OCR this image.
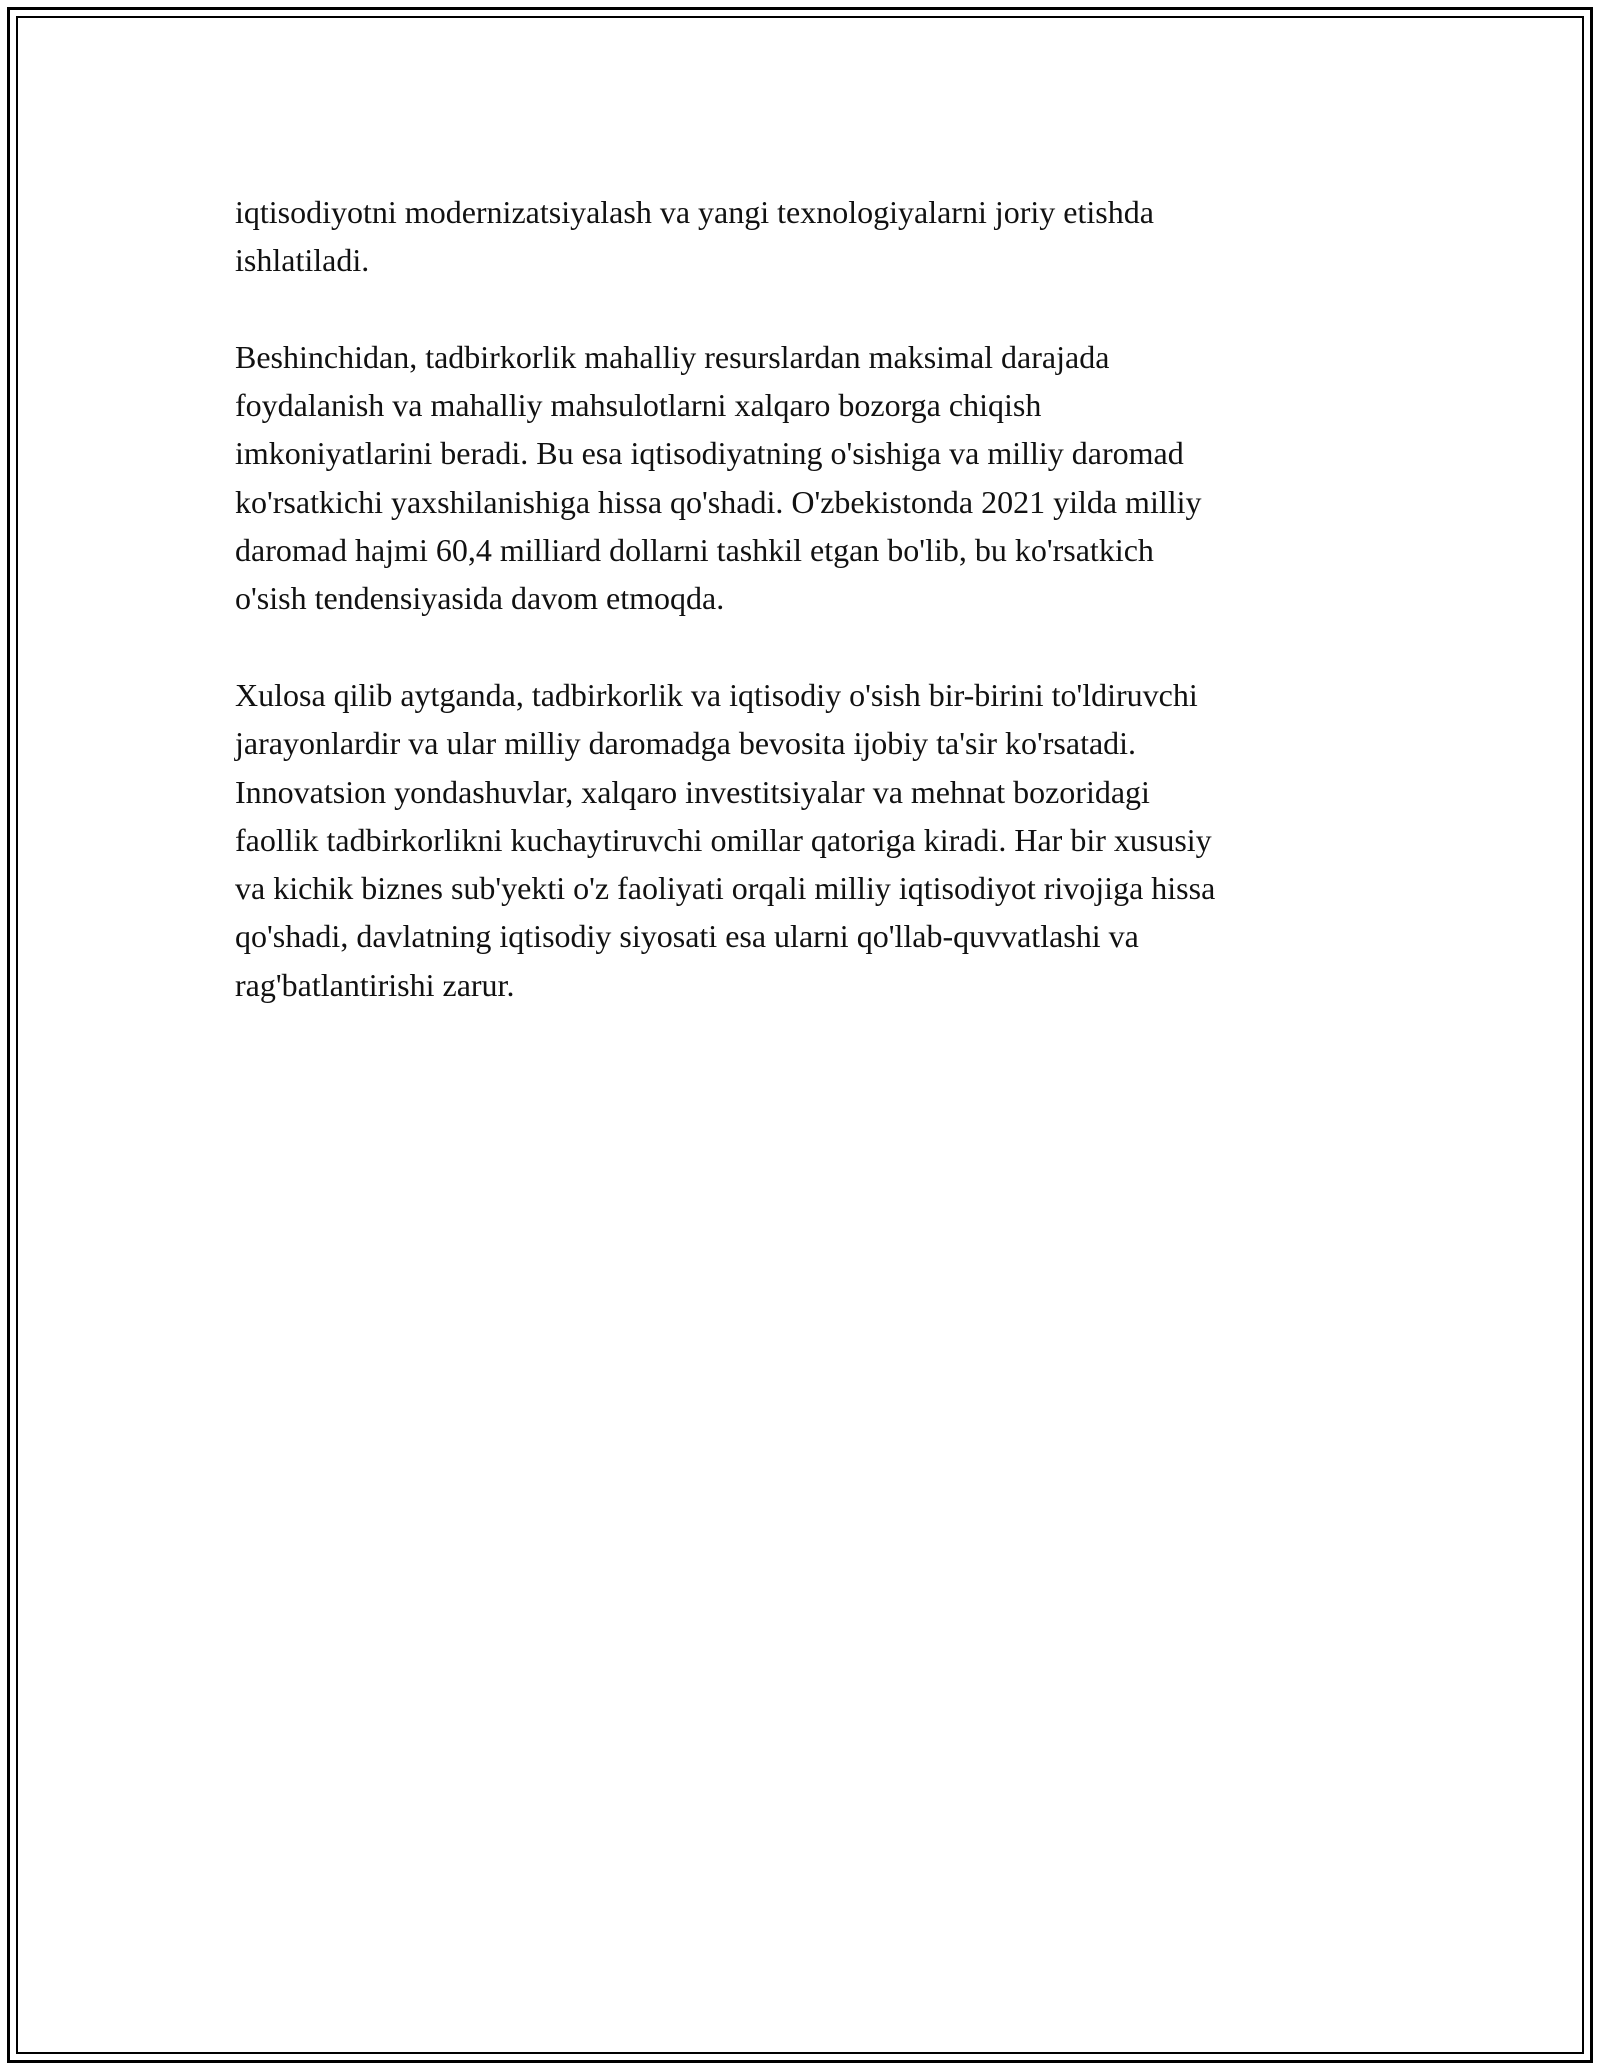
iqtisodiyotni modernizatsiyalash va yangi texnologiyalarni joriy etishda
ishlatiladi.

Beshinchidan, tadbirkorlik mahalliy resurslardan maksimal darajada
foydalanish va mahalliy mahsulotlarni xalqaro bozorga chiqish
imkoniyatlarini beradi. Bu esa iqtisodiyatning o'sishiga va milliy daromad
ko'rsatkichi yaxshilanishiga hissa qo'shadi. O'zbekistonda 2021 yilda milliy
daromad hajmi 60,4 milliard dollarni tashkil etgan bo'lib, bu ko'rsatkich
o'sish tendensiyasida davom etmoqda.

Xulosa qilib aytganda, tadbirkorlik va iqtisodiy o'sish bir-birini to'ldiruvchi
jarayonlardir va ular milliy daromadga bevosita ijobiy ta'sir ko'rsatadi.
Innovatsion yondashuvlar, xalqaro investitsiyalar va mehnat bozoridagi
faollik tadbirkorlikni kuchaytiruvchi omillar qatoriga kiradi. Har bir xususiy
va kichik biznes sub'yekti o'z faoliyati orqali milliy iqtisodiyot rivojiga hissa
qo'shadi, davlatning iqtisodiy siyosati esa ularni qo'llab-quvvatlashi va
rag'batlantirishi zarur.
